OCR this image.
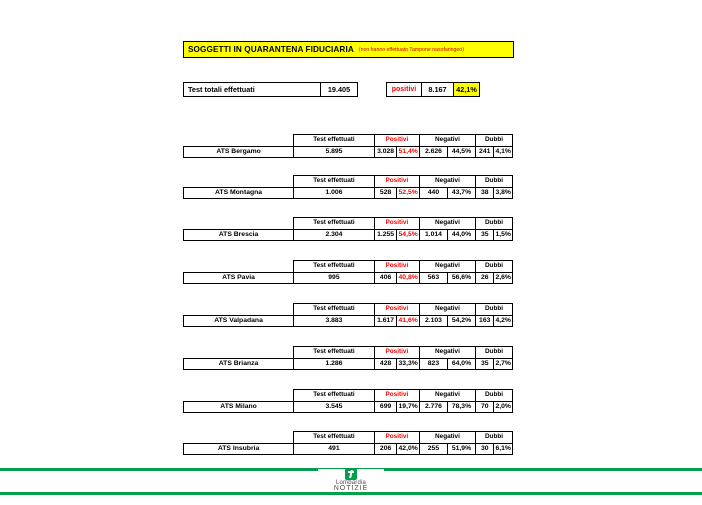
SOGGETTI IN QUARANTENA FIDUCIARIA (non hanno effettuato Tampone nasofaringeo)
Test totali effettuati	19.405	positivi	8.167	42,1%
	Test effettuati	Positivi		Negativi		Dubbi	
ATS Bergamo	5.895	3.028	51,4%	2.626	44,5%	241	4,1%
	Test effettuati	Positivi		Negativi		Dubbi	
ATS Montagna	1.006	528	52,5%	440	43,7%	38	3,8%
	Test effettuati	Positivi		Negativi		Dubbi	
ATS Brescia	2.304	1.255	54,5%	1.014	44,0%	35	1,5%
	Test effettuati	Positivi		Negativi		Dubbi	
ATS Pavia	995	406	40,8%	563	56,6%	26	2,6%
	Test effettuati	Positivi		Negativi		Dubbi	
ATS Valpadana	3.883	1.617	41,6%	2.103	54,2%	163	4,2%
	Test effettuati	Positivi		Negativi		Dubbi	
ATS Brianza	1.286	428	33,3%	823	64,0%	35	2,7%
	Test effettuati	Positivi		Negativi		Dubbi	
ATS Milano	3.545	699	19,7%	2.776	78,3%	70	2,0%
	Test effettuati	Positivi		Negativi		Dubbi	
ATS Insubria	491	206	42,0%	255	51,9%	30	6,1%
Lombardia
NOTIZIE
